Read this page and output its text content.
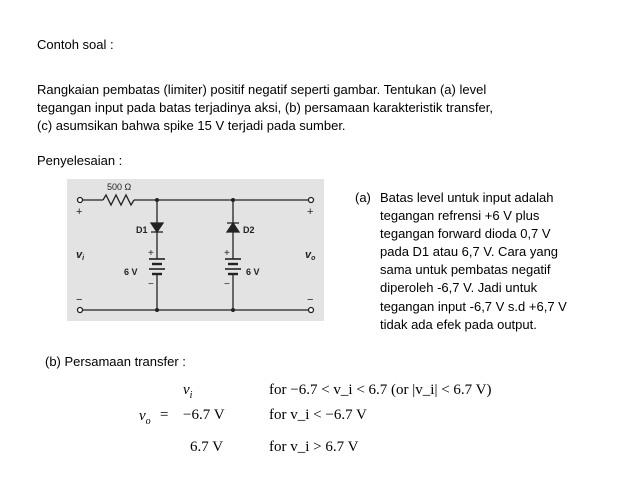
Contoh soal :
Rangkaian pembatas (limiter) positif negatif seperti gambar. Tentukan (a) level
tegangan input pada batas terjadinya aksi, (b) persamaan karakteristik transfer,
(c) asumsikan bahwa spike 15 V terjadi pada sumber.
Penyelesaian :
500 Ω
D1	D2
6 V	6 V
+
−
+
−
+
−
+
−
vi	vo
(a) Batas level untuk input adalah
tegangan refrensi +6 V plus
tegangan forward dioda 0,7 V
pada D1 atau 6,7 V. Cara yang
sama untuk pembatas negatif
diperoleh -6,7 V. Jadi untuk
tegangan input -6,7 V s.d +6,7 V
tidak ada efek pada output.
(b) Persamaan transfer :
$v_o$ =
$v_i$	for −6.7 < v_i < 6.7 (or |v_i| < 6.7 V)
−6.7 V	for v_i < −6.7 V
6.7 V	for v_i > 6.7 V
